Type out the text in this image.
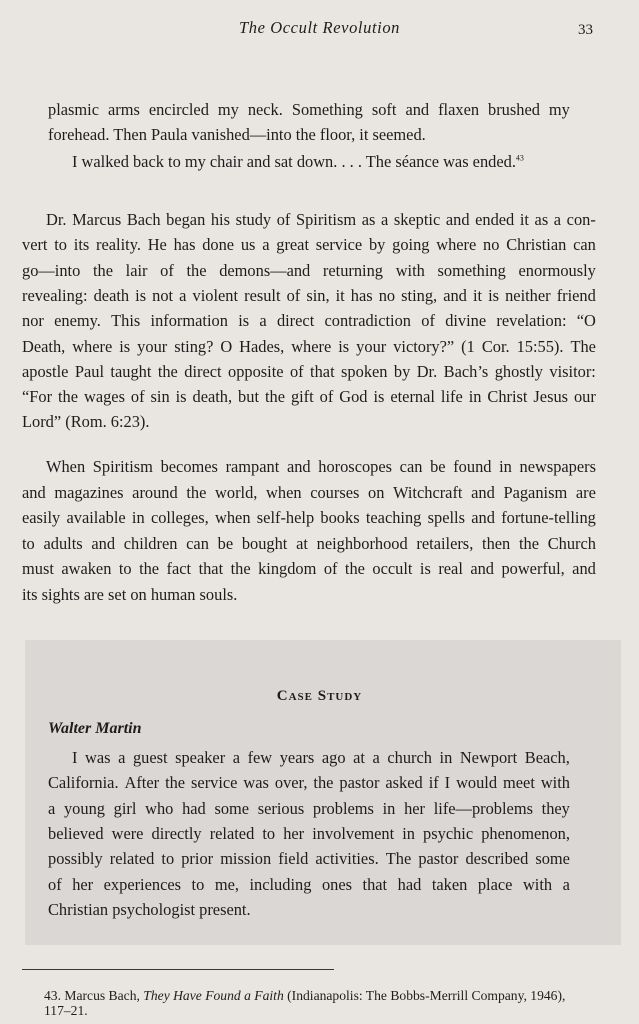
The Occult Revolution	33
plasmic arms encircled my neck. Something soft and flaxen brushed my
forehead. Then Paula vanished—into the floor, it seemed.
I walked back to my chair and sat down. . . . The séance was ended.$^{43}$
Dr. Marcus Bach began his study of Spiritism as a skeptic and ended it as a con-
vert to its reality. He has done us a great service by going where no Christian can
go—into the lair of the demons—and returning with something enormously
revealing: death is not a violent result of sin, it has no sting, and it is neither friend
nor enemy. This information is a direct contradiction of divine revelation: “O
Death, where is your sting? O Hades, where is your victory?” (1 Cor. 15:55). The
apostle Paul taught the direct opposite of that spoken by Dr. Bach’s ghostly visitor:
“For the wages of sin is death, but the gift of God is eternal life in Christ Jesus our
Lord” (Rom. 6:23).
When Spiritism becomes rampant and horoscopes can be found in newspapers
and magazines around the world, when courses on Witchcraft and Paganism are
easily available in colleges, when self-help books teaching spells and fortune-telling
to adults and children can be bought at neighborhood retailers, then the Church
must awaken to the fact that the kingdom of the occult is real and powerful, and
its sights are set on human souls.
Case Study
Walter Martin
I was a guest speaker a few years ago at a church in Newport Beach,
California. After the service was over, the pastor asked if I would meet with
a young girl who had some serious problems in her life—problems they
believed were directly related to her involvement in psychic phenomenon,
possibly related to prior mission field activities. The pastor described some
of her experiences to me, including ones that had taken place with a
Christian psychologist present.
43. Marcus Bach, They Have Found a Faith (Indianapolis: The Bobbs-Merrill Company, 1946),
117–21.
